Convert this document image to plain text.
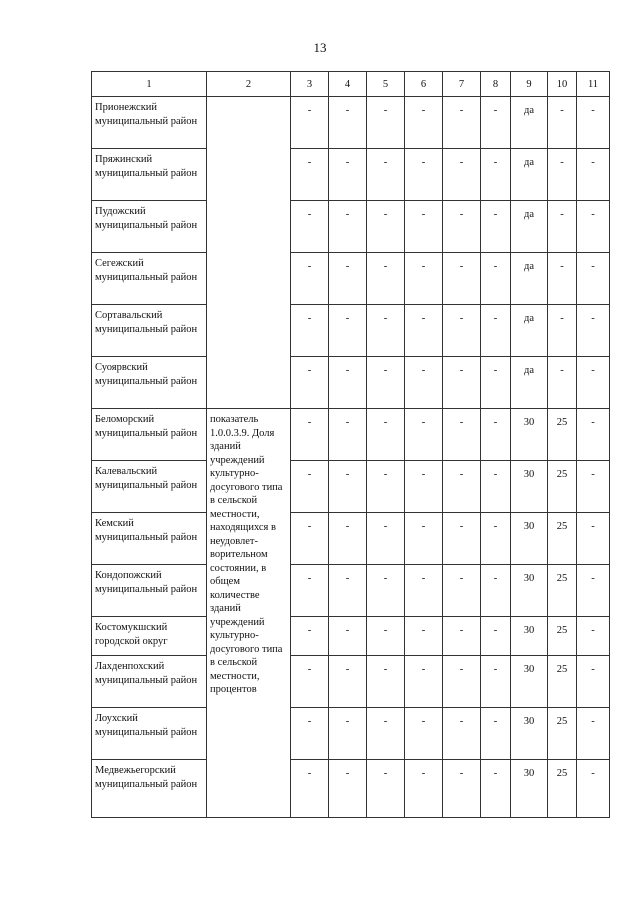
13
1	2	3	4	5	6	7	8	9	10	11
Прионежский муниципальный район		-	-	-	-	-	-	да	-	-
Пряжинский муниципальный район		-	-	-	-	-	-	да	-	-
Пудожский муниципальный район		-	-	-	-	-	-	да	-	-
Сегежский муниципальный район		-	-	-	-	-	-	да	-	-
Сортавальский муниципальный район		-	-	-	-	-	-	да	-	-
Суоярвский муниципальный район		-	-	-	-	-	-	да	-	-
Беломорский муниципальный район	показатель 1.0.0.3.9. Доля зданий учреждений культурно-досугового типа в сельской местности, находящихся в неудовлет-ворительном состоянии, в общем количестве зданий учреждений культурно-досугового типа в сельской местности, процентов	-	-	-	-	-	-	30	25	-
Калевальский муниципальный район		-	-	-	-	-	-	30	25	-
Кемский муниципальный район		-	-	-	-	-	-	30	25	-
Кондопожский муниципальный район		-	-	-	-	-	-	30	25	-
Костомукшский городской округ		-	-	-	-	-	-	30	25	-
Лахденпохский муниципальный район		-	-	-	-	-	-	30	25	-
Лоухский муниципальный район		-	-	-	-	-	-	30	25	-
Медвежьегорский муниципальный район		-	-	-	-	-	-	30	25	-
